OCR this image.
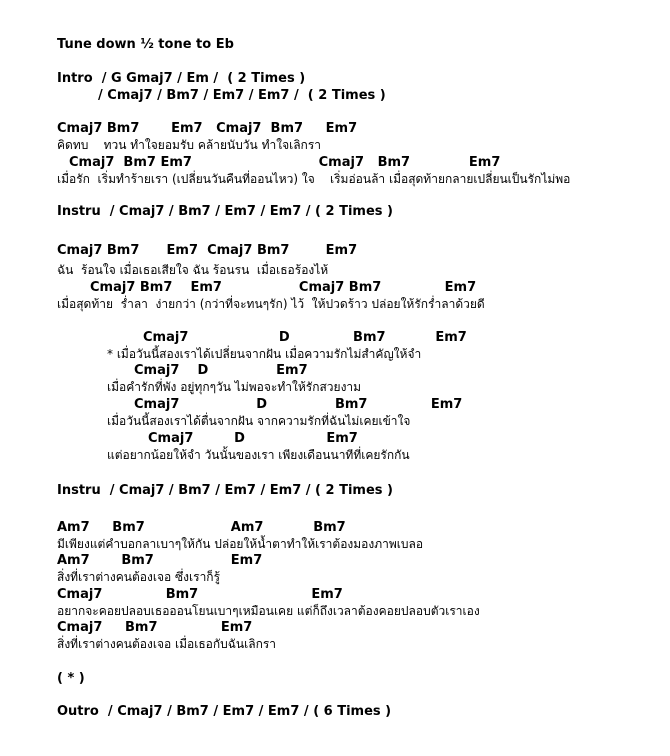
Tune down ½ tone to Eb
Intro  / G Gmaj7 / Em /  ( 2 Times )
/ Cmaj7 / Bm7 / Em7 / Em7 /  ( 2 Times )
Cmaj7 Bm7       Em7   Cmaj7  Bm7     Em7
คิดทบ    ทวน ทำใจยอมรับ คล้ายนับวัน ทำใจเลิกรา
Cmaj7  Bm7 Em7                            Cmaj7   Bm7             Em7
เมื่อรัก  เริ่มทำร้ายเรา (เปลี่ยนวันคืนที่ออนไหว) ใจ    เริ่มอ่อนล้า เมื่อสุดท้ายกลายเปลี่ยนเป็นรักไม่พอ
Instru  / Cmaj7 / Bm7 / Em7 / Em7 / ( 2 Times )
Cmaj7 Bm7      Em7  Cmaj7 Bm7        Em7
ฉัน  ร้อนใจ เมื่อเธอเสียใจ ฉัน ร้อนรน  เมื่อเธอร้องไห้
Cmaj7 Bm7    Em7                 Cmaj7 Bm7              Em7
เมื่อสุดท้าย  ร่ำลา  ง่ายกว่า (กว่าที่จะทนๆรัก) ไว้  ให้ปวดร้าว ปล่อยให้รักร่ำลาด้วยดี
Cmaj7                    D              Bm7           Em7
* เมื่อวันนี้สองเราได้เปลี่ยนจากฝัน เมื่อความรักไม่สำคัญให้จำ
Cmaj7    D               Em7
เมื่อคำรักที่พัง อยู่ทุกๆวัน ไม่พอจะทำให้รักสวยงาม
Cmaj7                 D               Bm7              Em7
เมื่อวันนี้สองเราได้ตื่นจากฝัน จากความรักที่ฉันไม่เคยเข้าใจ
Cmaj7         D                  Em7
แต่อยากน้อยให้จำ วันนั้นของเรา เพียงเดือนนาทีที่เคยรักกัน
Instru  / Cmaj7 / Bm7 / Em7 / Em7 / ( 2 Times )
Am7     Bm7                   Am7           Bm7
มีเพียงแต่คำบอกลาเบาๆให้กัน ปล่อยให้น้ำตาทำให้เราต้องมองภาพเบลอ
Am7       Bm7                 Em7
สิ่งที่เราต่างคนต้องเจอ ซึ่งเราก็รู้
Cmaj7              Bm7                         Em7
อยากจะคอยปลอบเธอออนโยนเบาๆเหมือนเคย แต่ก็ถึงเวลาต้องคอยปลอบตัวเราเอง
Cmaj7     Bm7              Em7
สิ่งที่เราต่างคนต้องเจอ เมื่อเธอกับฉันเลิกรา
( * )
Outro  / Cmaj7 / Bm7 / Em7 / Em7 / ( 6 Times )
